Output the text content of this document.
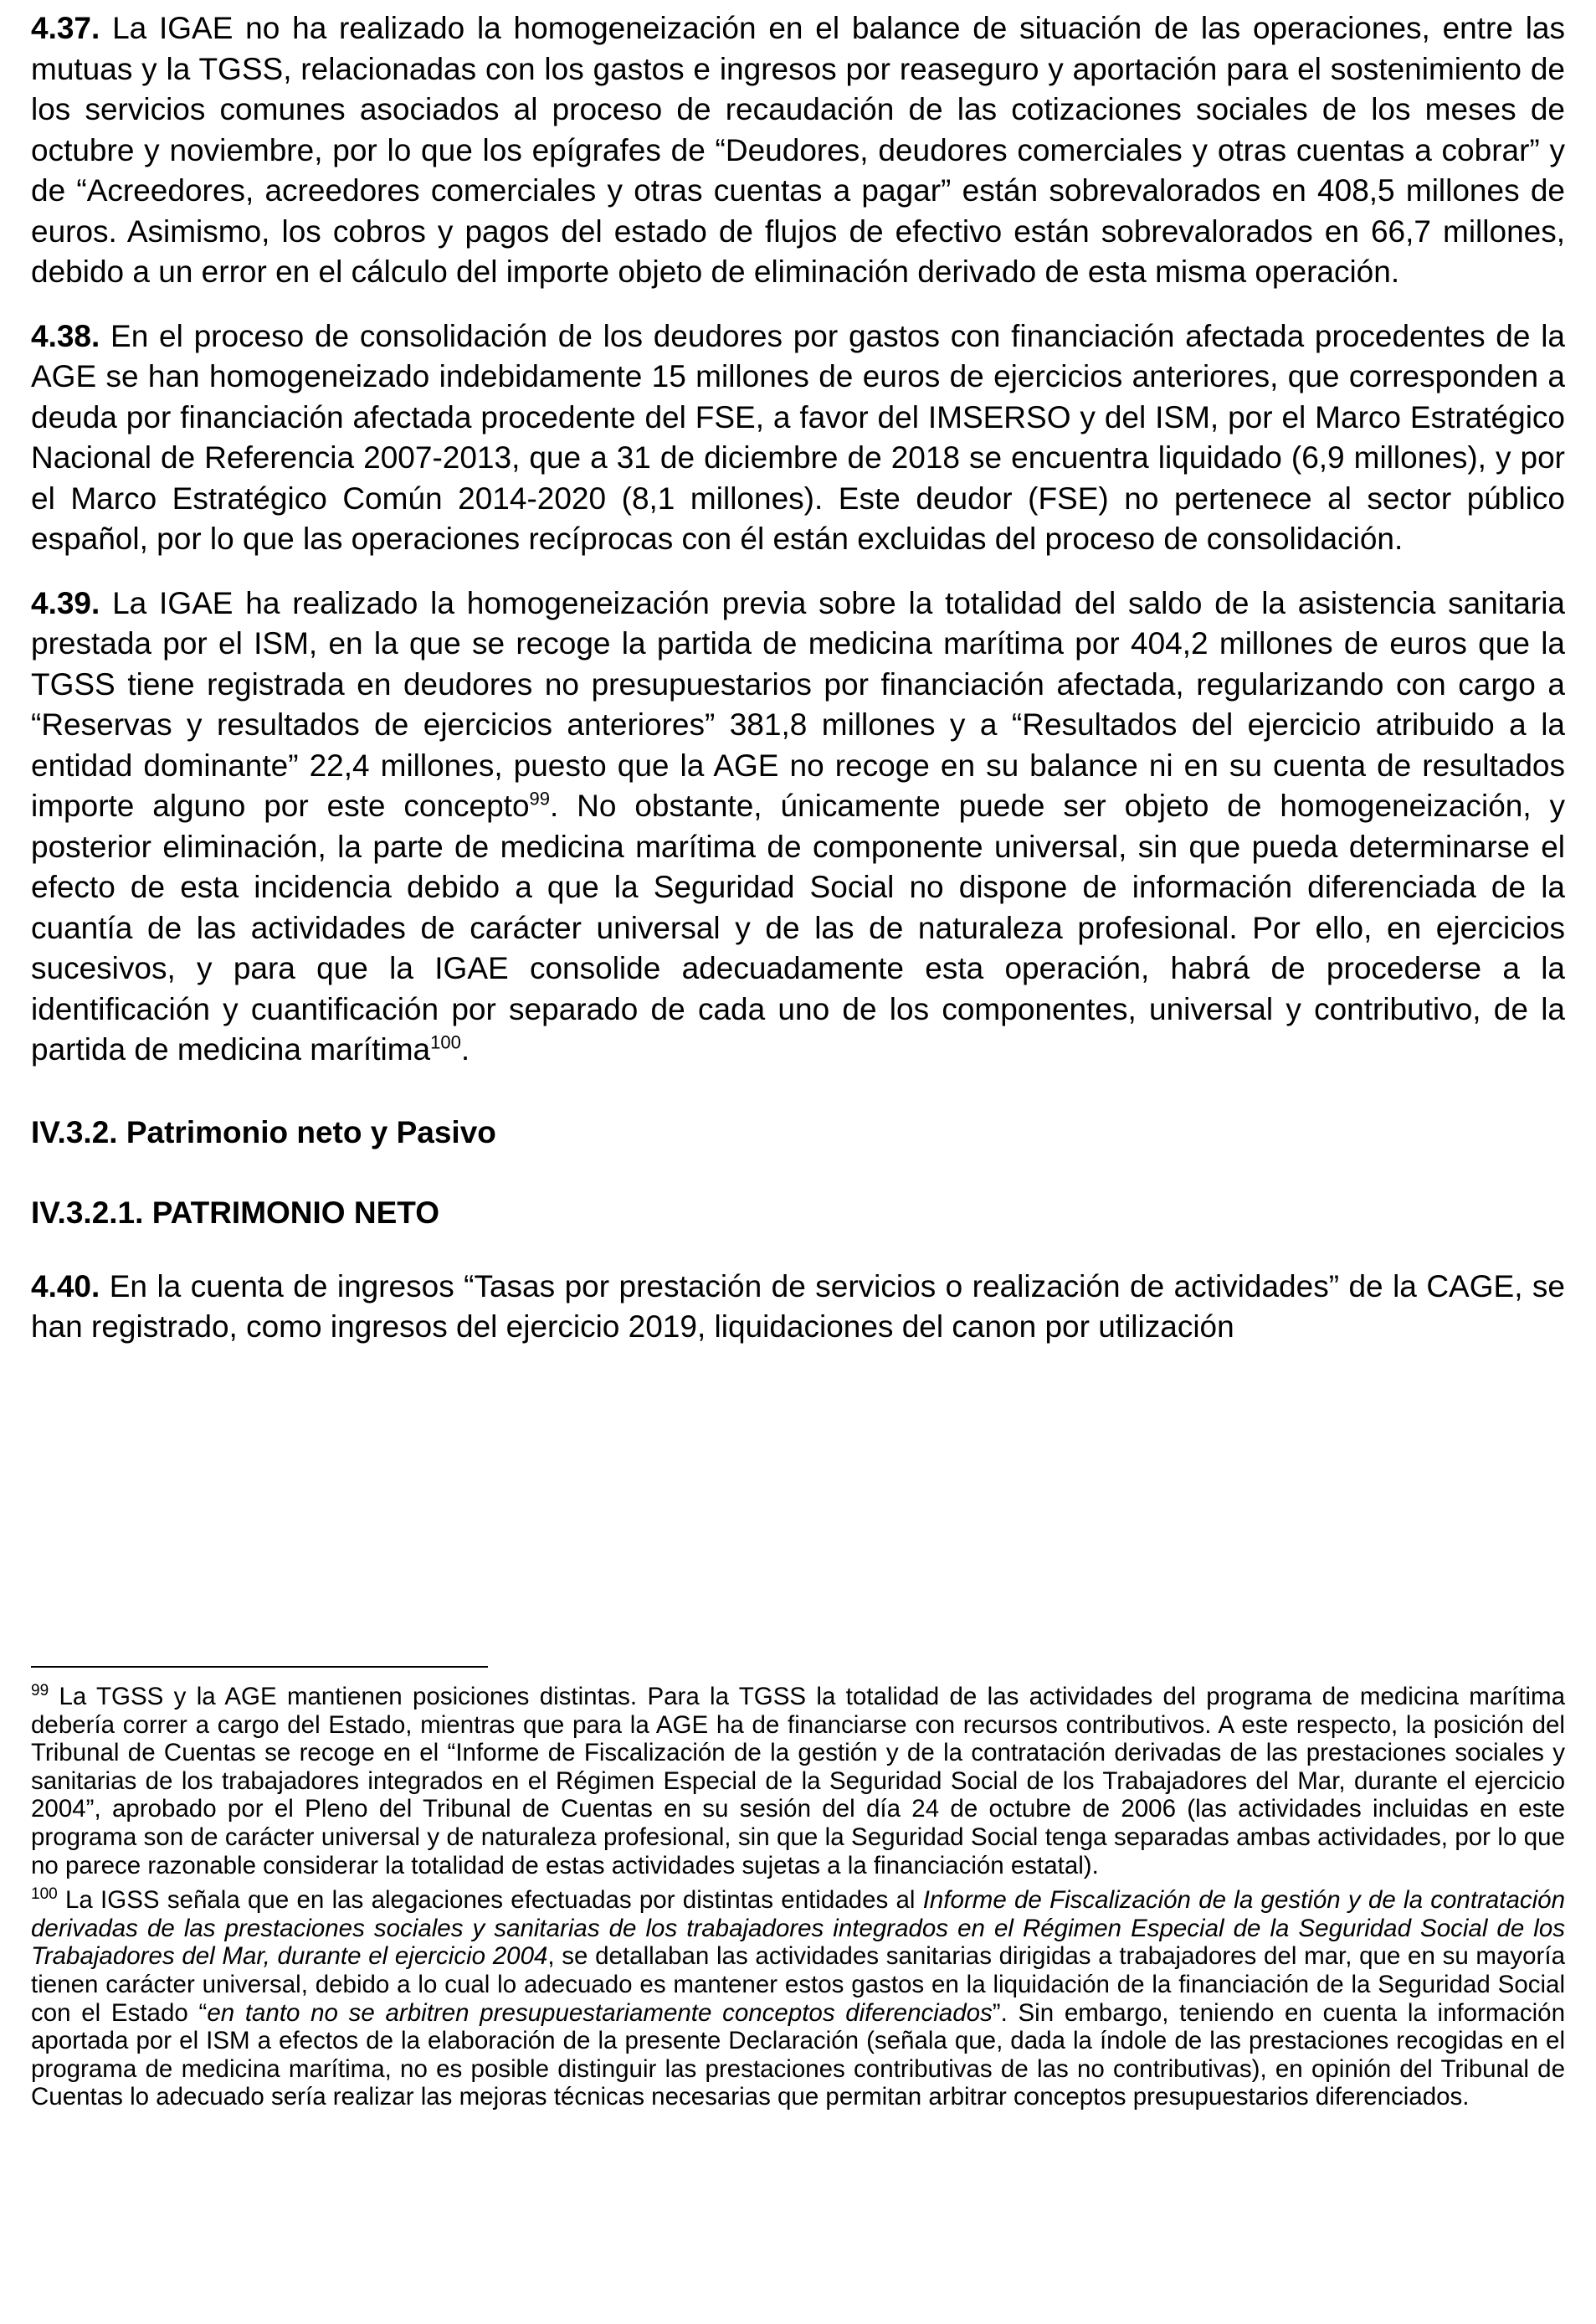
4.37. La IGAE no ha realizado la homogeneización en el balance de situación de las operaciones, entre las mutuas y la TGSS, relacionadas con los gastos e ingresos por reaseguro y aportación para el sostenimiento de los servicios comunes asociados al proceso de recaudación de las cotizaciones sociales de los meses de octubre y noviembre, por lo que los epígrafes de “Deudores, deudores comerciales y otras cuentas a cobrar” y de “Acreedores, acreedores comerciales y otras cuentas a pagar” están sobrevalorados en 408,5 millones de euros. Asimismo, los cobros y pagos del estado de flujos de efectivo están sobrevalorados en 66,7 millones, debido a un error en el cálculo del importe objeto de eliminación derivado de esta misma operación.

4.38. En el proceso de consolidación de los deudores por gastos con financiación afectada procedentes de la AGE se han homogeneizado indebidamente 15 millones de euros de ejercicios anteriores, que corresponden a deuda por financiación afectada procedente del FSE, a favor del IMSERSO y del ISM, por el Marco Estratégico Nacional de Referencia 2007-2013, que a 31 de diciembre de 2018 se encuentra liquidado (6,9 millones), y por el Marco Estratégico Común 2014-2020 (8,1 millones). Este deudor (FSE) no pertenece al sector público español, por lo que las operaciones recíprocas con él están excluidas del proceso de consolidación.

4.39. La IGAE ha realizado la homogeneización previa sobre la totalidad del saldo de la asistencia sanitaria prestada por el ISM, en la que se recoge la partida de medicina marítima por 404,2 millones de euros que la TGSS tiene registrada en deudores no presupuestarios por financiación afectada, regularizando con cargo a “Reservas y resultados de ejercicios anteriores” 381,8 millones y a “Resultados del ejercicio atribuido a la entidad dominante” 22,4 millones, puesto que la AGE no recoge en su balance ni en su cuenta de resultados importe alguno por este concepto$^{99}$. No obstante, únicamente puede ser objeto de homogeneización, y posterior eliminación, la parte de medicina marítima de componente universal, sin que pueda determinarse el efecto de esta incidencia debido a que la Seguridad Social no dispone de información diferenciada de la cuantía de las actividades de carácter universal y de las de naturaleza profesional. Por ello, en ejercicios sucesivos, y para que la IGAE consolide adecuadamente esta operación, habrá de procederse a la identificación y cuantificación por separado de cada uno de los componentes, universal y contributivo, de la partida de medicina marítima$^{100}$.

IV.3.2. Patrimonio neto y Pasivo
IV.3.2.1. PATRIMONIO NETO

4.40. En la cuenta de ingresos “Tasas por prestación de servicios o realización de actividades” de la CAGE, se han registrado, como ingresos del ejercicio 2019, liquidaciones del canon por utilización

$^{99}$ La TGSS y la AGE mantienen posiciones distintas. Para la TGSS la totalidad de las actividades del programa de medicina marítima debería correr a cargo del Estado, mientras que para la AGE ha de financiarse con recursos contributivos. A este respecto, la posición del Tribunal de Cuentas se recoge en el “Informe de Fiscalización de la gestión y de la contratación derivadas de las prestaciones sociales y sanitarias de los trabajadores integrados en el Régimen Especial de la Seguridad Social de los Trabajadores del Mar, durante el ejercicio 2004”, aprobado por el Pleno del Tribunal de Cuentas en su sesión del día 24 de octubre de 2006 (las actividades incluidas en este programa son de carácter universal y de naturaleza profesional, sin que la Seguridad Social tenga separadas ambas actividades, por lo que no parece razonable considerar la totalidad de estas actividades sujetas a la financiación estatal).

$^{100}$ La IGSS señala que en las alegaciones efectuadas por distintas entidades al Informe de Fiscalización de la gestión y de la contratación derivadas de las prestaciones sociales y sanitarias de los trabajadores integrados en el Régimen Especial de la Seguridad Social de los Trabajadores del Mar, durante el ejercicio 2004, se detallaban las actividades sanitarias dirigidas a trabajadores del mar, que en su mayoría tienen carácter universal, debido a lo cual lo adecuado es mantener estos gastos en la liquidación de la financiación de la Seguridad Social con el Estado “en tanto no se arbitren presupuestariamente conceptos diferenciados”. Sin embargo, teniendo en cuenta la información aportada por el ISM a efectos de la elaboración de la presente Declaración (señala que, dada la índole de las prestaciones recogidas en el programa de medicina marítima, no es posible distinguir las prestaciones contributivas de las no contributivas), en opinión del Tribunal de Cuentas lo adecuado sería realizar las mejoras técnicas necesarias que permitan arbitrar conceptos presupuestarios diferenciados.
